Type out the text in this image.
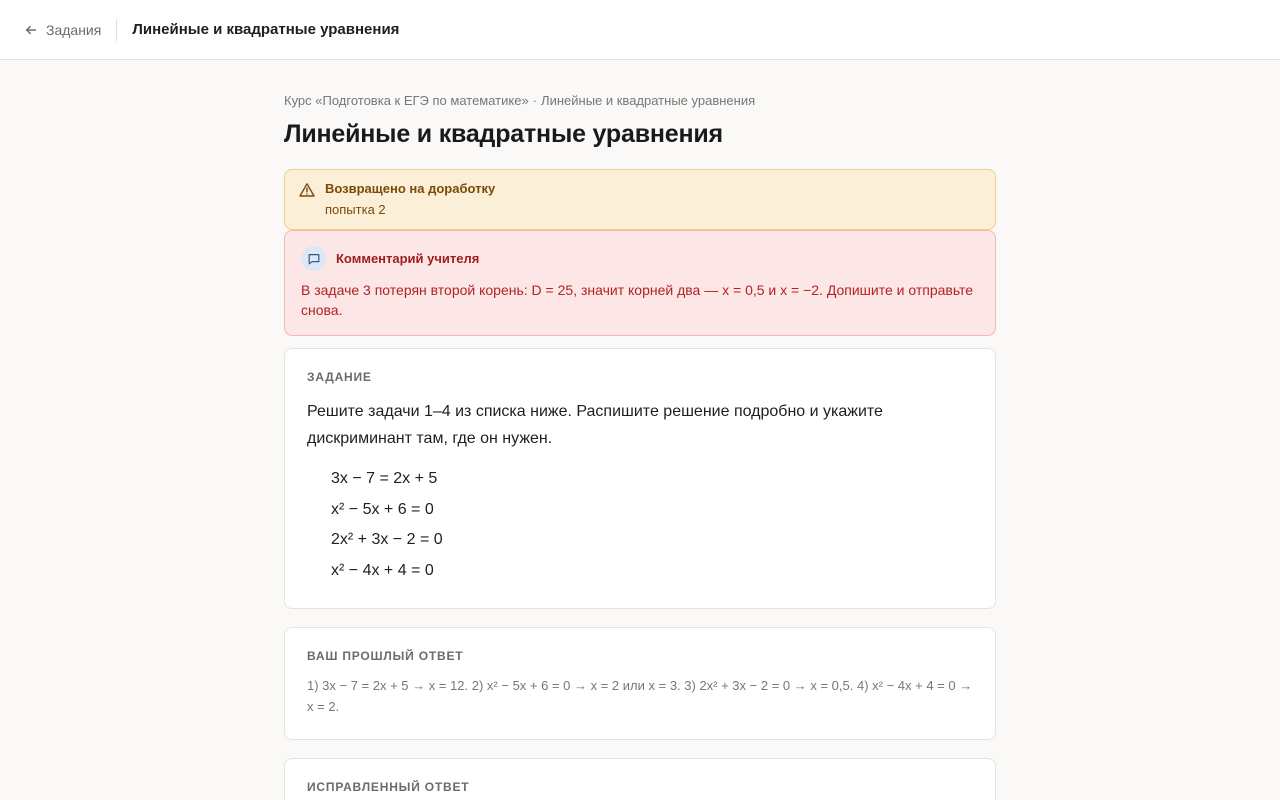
Задания	Линейные и квадратные уравнения
Курс «Подготовка к ЕГЭ по математике» · Линейные и квадратные уравнения
Линейные и квадратные уравнения
Возвращено на доработку
попытка 2
Комментарий учителя
В задаче 3 потерян второй корень: D = 25, значит корней два — x = 0,5 и x = −2. Допишите и отправьте снова.
ЗАДАНИЕ

Решите задачи 1–4 из списка ниже. Распишите решение подробно и укажите дискриминант там, где он нужен.

3x − 7 = 2x + 5
x² − 5x + 6 = 0
2x² + 3x − 2 = 0
x² − 4x + 4 = 0
ВАШ ПРОШЛЫЙ ОТВЕТ

1) 3x − 7 = 2x + 5 → x = 12. 2) x² − 5x + 6 = 0 → x = 2 или x = 3. 3) 2x² + 3x − 2 = 0 → x = 0,5. 4) x² − 4x + 4 = 0 → x = 2.

ИСПРАВЛЕННЫЙ ОТВЕТ
